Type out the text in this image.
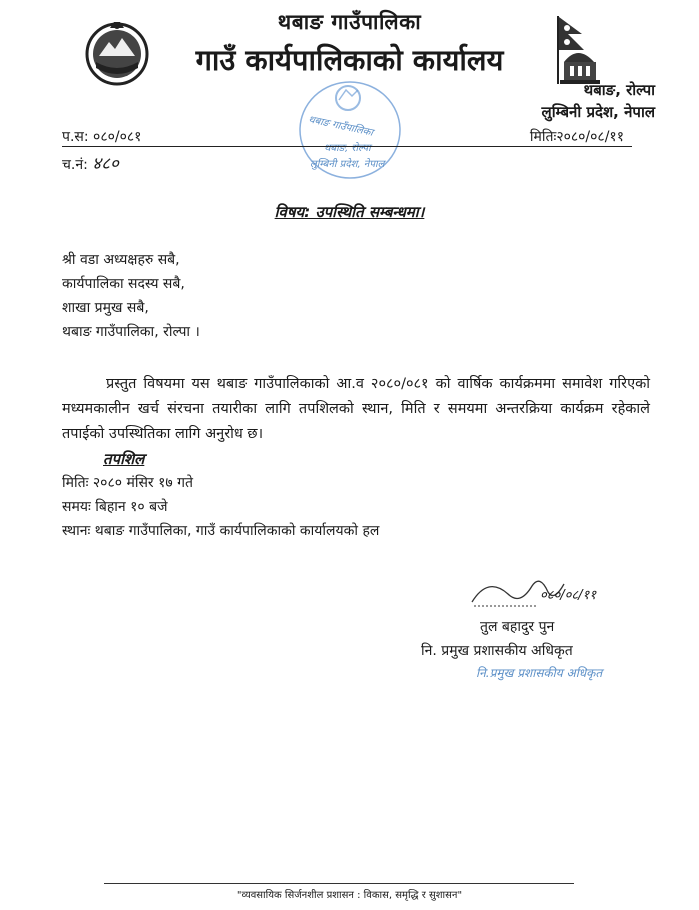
थबाङ गाउँपालिका
गाउँ कार्यपालिकाको कार्यालय
थबाङ, रोल्पा
लुम्बिनी प्रदेश, नेपाल
थबाङ गाउँपालिका
थबाङ, रोल्पा
लुम्बिनी प्रदेश, नेपाल
प.स: ०८०/०८१
च.नं: ४८०
मितिः२०८०/०८/११
विषय: उपस्थिति सम्बन्धमा।
श्री वडा अध्यक्षहरु सबै,
कार्यपालिका सदस्य सबै,
शाखा प्रमुख सबै,
थबाङ गाउँपालिका, रोल्पा ।

प्रस्तुत विषयमा यस थबाङ गाउँपालिकाको आ.व २०८०/०८१ को वार्षिक कार्यक्रममा समावेश गरिएको मध्यमकालीन खर्च संरचना तयारीका लागि तपशिलको स्थान, मिति र समयमा अन्तरक्रिया कार्यक्रम रहेकाले तपाईको उपस्थितिका लागि अनुरोध छ।

तपशिल
मितिः २०८० मंसिर १७ गते
समयः बिहान १० बजे
स्थानः थबाङ गाउँपालिका, गाउँ कार्यपालिकाको कार्यालयको हल
०८०/०८/११
तुल बहादुर पुन
नि. प्रमुख प्रशासकीय अधिकृत
नि.प्रमुख प्रशासकीय अधिकृत
"व्यवसायिक सिर्जनशील प्रशासन : विकास, समृद्धि र सुशासन"
